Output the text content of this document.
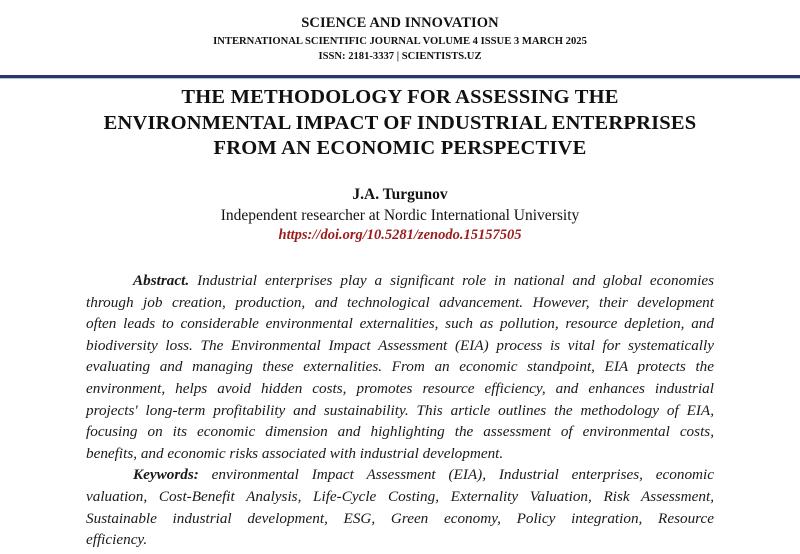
SCIENCE AND INNOVATION
INTERNATIONAL SCIENTIFIC JOURNAL VOLUME 4 ISSUE 3 MARCH 2025
ISSN: 2181-3337 | SCIENTISTS.UZ
THE METHODOLOGY FOR ASSESSING THE
ENVIRONMENTAL IMPACT OF INDUSTRIAL ENTERPRISES
FROM AN ECONOMIC PERSPECTIVE
J.A. Turgunov
Independent researcher at Nordic International University
https://doi.org/10.5281/zenodo.15157505
Abstract. Industrial enterprises play a significant role in national and global economies
through job creation, production, and technological advancement. However, their development
often leads to considerable environmental externalities, such as pollution, resource depletion, and
biodiversity loss. The Environmental Impact Assessment (EIA) process is vital for systematically
evaluating and managing these externalities. From an economic standpoint, EIA protects the
environment, helps avoid hidden costs, promotes resource efficiency, and enhances industrial
projects' long-term profitability and sustainability. This article outlines the methodology of EIA,
focusing on its economic dimension and highlighting the assessment of environmental costs,
benefits, and economic risks associated with industrial development.
Keywords: environmental Impact Assessment (EIA), Industrial enterprises, economic
valuation, Cost-Benefit Analysis, Life-Cycle Costing, Externality Valuation, Risk Assessment,
Sustainable industrial development, ESG, Green economy, Policy integration, Resource
efficiency.
